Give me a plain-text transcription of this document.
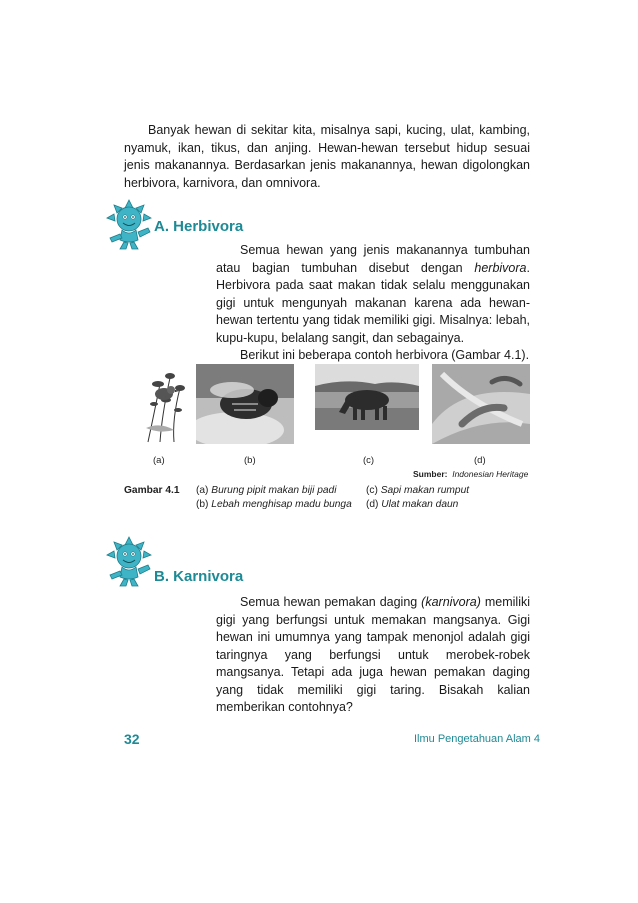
Banyak hewan di sekitar kita, misalnya sapi, kucing, ulat, kambing, nyamuk, ikan, tikus, dan anjing. Hewan-hewan tersebut hidup sesuai jenis makanannya. Berdasarkan jenis makanannya, hewan digolongkan herbivora, karnivora, dan omnivora.

A. Herbivora

Semua hewan yang jenis makanannya tumbuhan atau bagian tumbuhan disebut dengan herbivora. Herbivora pada saat makan tidak selalu menggunakan gigi untuk mengunyah makanan karena ada hewan-hewan tertentu yang tidak memiliki gigi. Misalnya: lebah, kupu-kupu, belalang sangit, dan sebagainya.

Berikut ini beberapa contoh herbivora (Gambar 4.1).

(a)	(b)	(c)	(d)
Sumber: Indonesian Heritage
Gambar 4.1 (a) Burung pipit makan biji padi
(b) Lebah menghisap madu bunga
(c) Sapi makan rumput
(d) Ulat makan daun
B. Karnivora

Semua hewan pemakan daging (karnivora) memiliki gigi yang berfungsi untuk memakan mangsanya. Gigi hewan ini umumnya yang tampak menonjol adalah gigi taringnya yang berfungsi untuk merobek-robek mangsanya. Tetapi ada juga hewan pemakan daging yang tidak memiliki gigi taring. Bisakah kalian memberikan contohnya?

32	Ilmu Pengetahuan Alam 4
